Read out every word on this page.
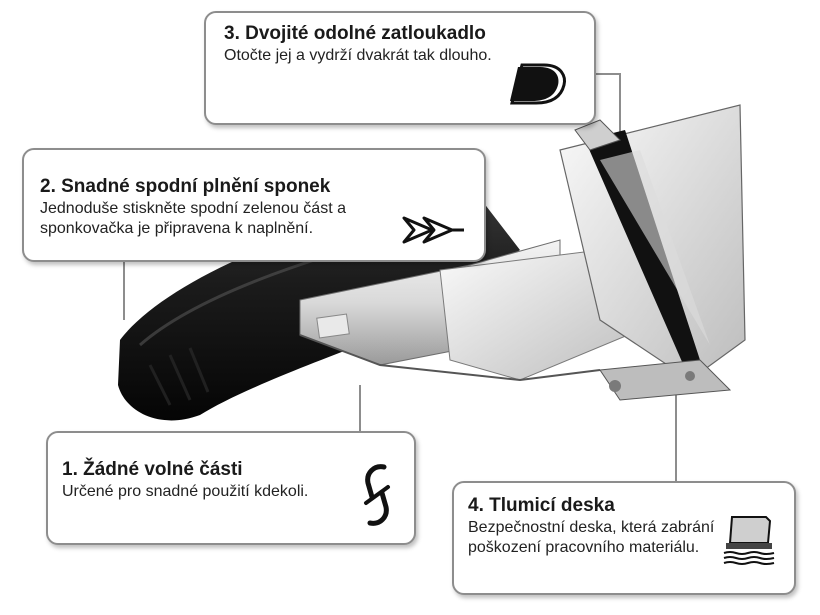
3. Dvojité odolné zatloukadlo
Otočte jej a vydrží dvakrát tak dlouho.
2. Snadné spodní plnění sponek
Jednoduše stiskněte spodní zelenou část a sponkovačka je připravena k naplnění.
1. Žádné volné části
Určené pro snadné použití kdekoli.
4. Tlumicí deska
Bezpečnostní deska, která zabrání poškození pracovního materiálu.
